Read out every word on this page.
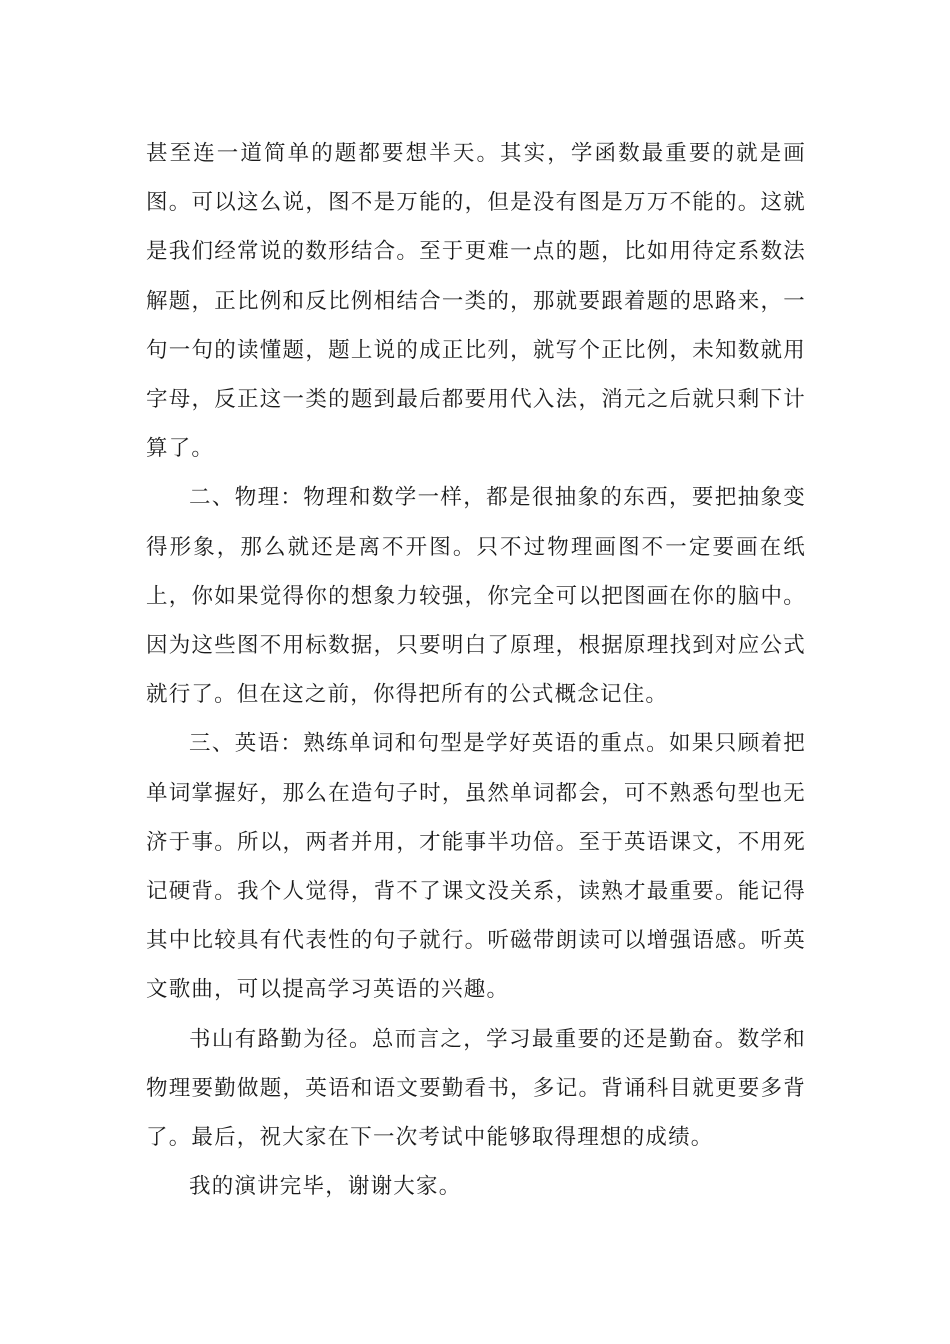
甚至连一道简单的题都要想半天。其实，学函数最重要的就是画图。可以这么说，图不是万能的，但是没有图是万万不能的。这就是我们经常说的数形结合。至于更难一点的题，比如用待定系数法解题，正比例和反比例相结合一类的，那就要跟着题的思路来，一句一句的读懂题，题上说的成正比列，就写个正比例，未知数就用字母，反正这一类的题到最后都要用代入法，消元之后就只剩下计算了。

二、物理：物理和数学一样，都是很抽象的东西，要把抽象变得形象，那么就还是离不开图。只不过物理画图不一定要画在纸上，你如果觉得你的想象力较强，你完全可以把图画在你的脑中。因为这些图不用标数据，只要明白了原理，根据原理找到对应公式就行了。但在这之前，你得把所有的公式概念记住。

三、英语：熟练单词和句型是学好英语的重点。如果只顾着把单词掌握好，那么在造句子时，虽然单词都会，可不熟悉句型也无济于事。所以，两者并用，才能事半功倍。至于英语课文，不用死记硬背。我个人觉得，背不了课文没关系，读熟才最重要。能记得其中比较具有代表性的句子就行。听磁带朗读可以增强语感。听英文歌曲，可以提高学习英语的兴趣。

书山有路勤为径。总而言之，学习最重要的还是勤奋。数学和物理要勤做题，英语和语文要勤看书，多记。背诵科目就更要多背了。最后，祝大家在下一次考试中能够取得理想的成绩。

我的演讲完毕，谢谢大家。
